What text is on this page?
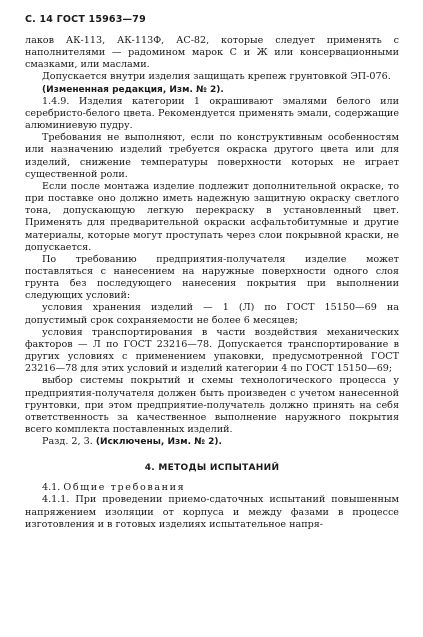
С. 14 ГОСТ 15963—79

лаков АК-113, АК-113Ф, АС-82, которые следует применять с наполнителями — радомином марок С и Ж или консервационными смазками, или маслами.

Допускается внутри изделия защищать крепеж грунтовкой ЭП-076.

(Измененная редакция, Изм. № 2).

1.4.9. Изделия категории 1 окрашивают эмалями белого или серебристо-белого цвета. Рекомендуется применять эмали, содержащие алюминиевую пудру.

Требования не выполняют, если по конструктивным особенностям или назначению изделий требуется окраска другого цвета или для изделий, снижение температуры поверхности которых не играет существенной роли.

Если после монтажа изделие подлежит дополнительной окраске, то при поставке оно должно иметь надежную защитную окраску светлого тона, допускающую легкую перекраску в установленный цвет. Применять для предварительной окраски асфальтобитумные и другие материалы, которые могут проступать через слои покрывной краски, не допускается.

По требованию предприятия-получателя изделие может поставляться с нанесением на наружные поверхности одного слоя грунта без последующего нанесения покрытия при выполнении следующих условий:

условия хранения изделий — 1 (Л) по ГОСТ 15150—69 на допустимый срок сохраняемости не более 6 месяцев;

условия транспортирования в части воздействия механических факторов — Л по ГОСТ 23216—78. Допускается транспортирование в других условиях с применением упаковки, предусмотренной ГОСТ 23216—78 для этих условий и изделий категории 4 по ГОСТ 15150—69;

выбор системы покрытий и схемы технологического процесса у предприятия-получателя должен быть произведен с учетом нанесенной грунтовки, при этом предприятие-получатель должно принять на себя ответственность за качественное выполнение наружного покрытия всего комплекта поставленных изделий.

Разд. 2, 3. (Исключены, Изм. № 2).

4. МЕТОДЫ ИСПЫТАНИЙ

4.1. Общие требования

4.1.1. При проведении приемо-сдаточных испытаний повышенным напряжением изоляции от корпуса и между фазами в процессе изготовления и в готовых изделиях испытательное напря-
